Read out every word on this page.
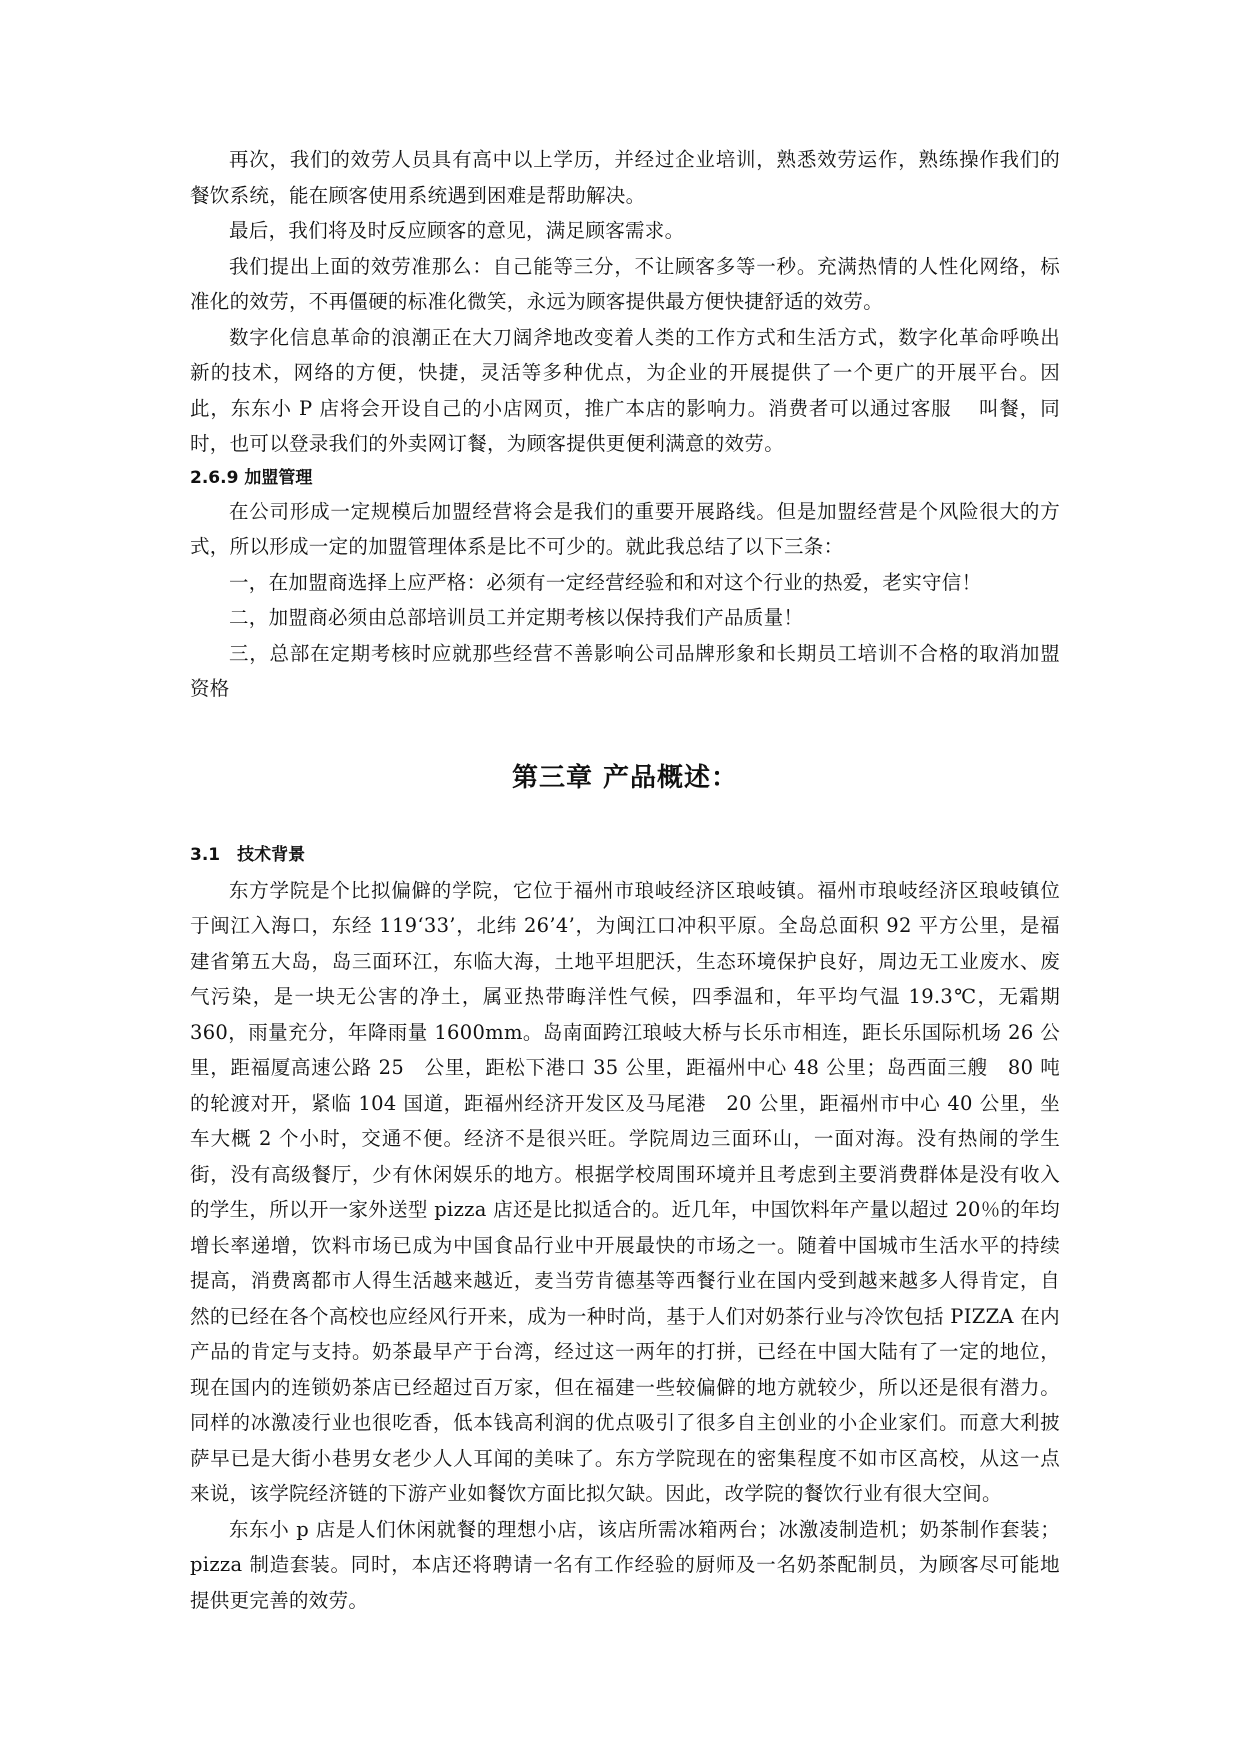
再次，我们的效劳人员具有高中以上学历，并经过企业培训，熟悉效劳运作，熟练操作我们的餐饮系统，能在顾客使用系统遇到困难是帮助解决。

最后，我们将及时反应顾客的意见，满足顾客需求。

我们提出上面的效劳准那么：自己能等三分，不让顾客多等一秒。充满热情的人性化网络，标准化的效劳，不再僵硬的标准化微笑，永远为顾客提供最方便快捷舒适的效劳。

数字化信息革命的浪潮正在大刀阔斧地改变着人类的工作方式和生活方式，数字化革命呼唤出新的技术，网络的方便，快捷，灵活等多种优点，为企业的开展提供了一个更广的开展平台。因此，东东小 P 店将会开设自己的小店网页，推广本店的影响力。消费者可以通过客服　 叫餐，同时，也可以登录我们的外卖网订餐，为顾客提供更便利满意的效劳。

2.6.9 加盟管理

在公司形成一定规模后加盟经营将会是我们的重要开展路线。但是加盟经营是个风险很大的方式，所以形成一定的加盟管理体系是比不可少的。就此我总结了以下三条：

一，在加盟商选择上应严格：必须有一定经营经验和和对这个行业的热爱，老实守信！

二，加盟商必须由总部培训员工并定期考核以保持我们产品质量！

三，总部在定期考核时应就那些经营不善影响公司品牌形象和长期员工培训不合格的取消加盟资格

第三章 产品概述：
3.1　技术背景

东方学院是个比拟偏僻的学院，它位于福州市琅岐经济区琅岐镇。福州市琅岐经济区琅岐镇位于闽江入海口，东经 119‘33’，北纬 26’4’，为闽江口冲积平原。全岛总面积 92 平方公里，是福建省第五大岛，岛三面环江，东临大海，土地平坦肥沃，生态环境保护良好，周边无工业废水、废气污染，是一块无公害的净土，属亚热带晦洋性气候，四季温和，年平均气温 19.3℃，无霜期 360，雨量充分，年降雨量 1600mm。岛南面跨江琅岐大桥与长乐市相连，距长乐国际机场 26 公里，距福厦高速公路 25　公里，距松下港口 35 公里，距福州中心 48 公里；岛西面三艘　80 吨的轮渡对开，紧临 104 国道，距福州经济开发区及马尾港　20 公里，距福州市中心 40 公里，坐车大概 2 个小时，交通不便。经济不是很兴旺。学院周边三面环山，一面对海。没有热闹的学生街，没有高级餐厅，少有休闲娱乐的地方。根据学校周围环境并且考虑到主要消费群体是没有收入的学生，所以开一家外送型 pizza 店还是比拟适合的。近几年，中国饮料年产量以超过 20％的年均增长率递增，饮料市场已成为中国食品行业中开展最快的市场之一。随着中国城市生活水平的持续提高，消费离都市人得生活越来越近，麦当劳肯德基等西餐行业在国内受到越来越多人得肯定，自然的已经在各个高校也应经风行开来，成为一种时尚，基于人们对奶茶行业与冷饮包括 PIZZA 在内产品的肯定与支持。奶茶最早产于台湾，经过这一两年的打拼，已经在中国大陆有了一定的地位，现在国内的连锁奶茶店已经超过百万家，但在福建一些较偏僻的地方就较少，所以还是很有潜力。同样的冰激凌行业也很吃香，低本钱高利润的优点吸引了很多自主创业的小企业家们。而意大利披萨早已是大街小巷男女老少人人耳闻的美味了。东方学院现在的密集程度不如市区高校，从这一点来说，该学院经济链的下游产业如餐饮方面比拟欠缺。因此，改学院的餐饮行业有很大空间。

东东小 p 店是人们休闲就餐的理想小店，该店所需冰箱两台；冰激凌制造机；奶茶制作套装；pizza 制造套装。同时，本店还将聘请一名有工作经验的厨师及一名奶茶配制员，为顾客尽可能地提供更完善的效劳。
